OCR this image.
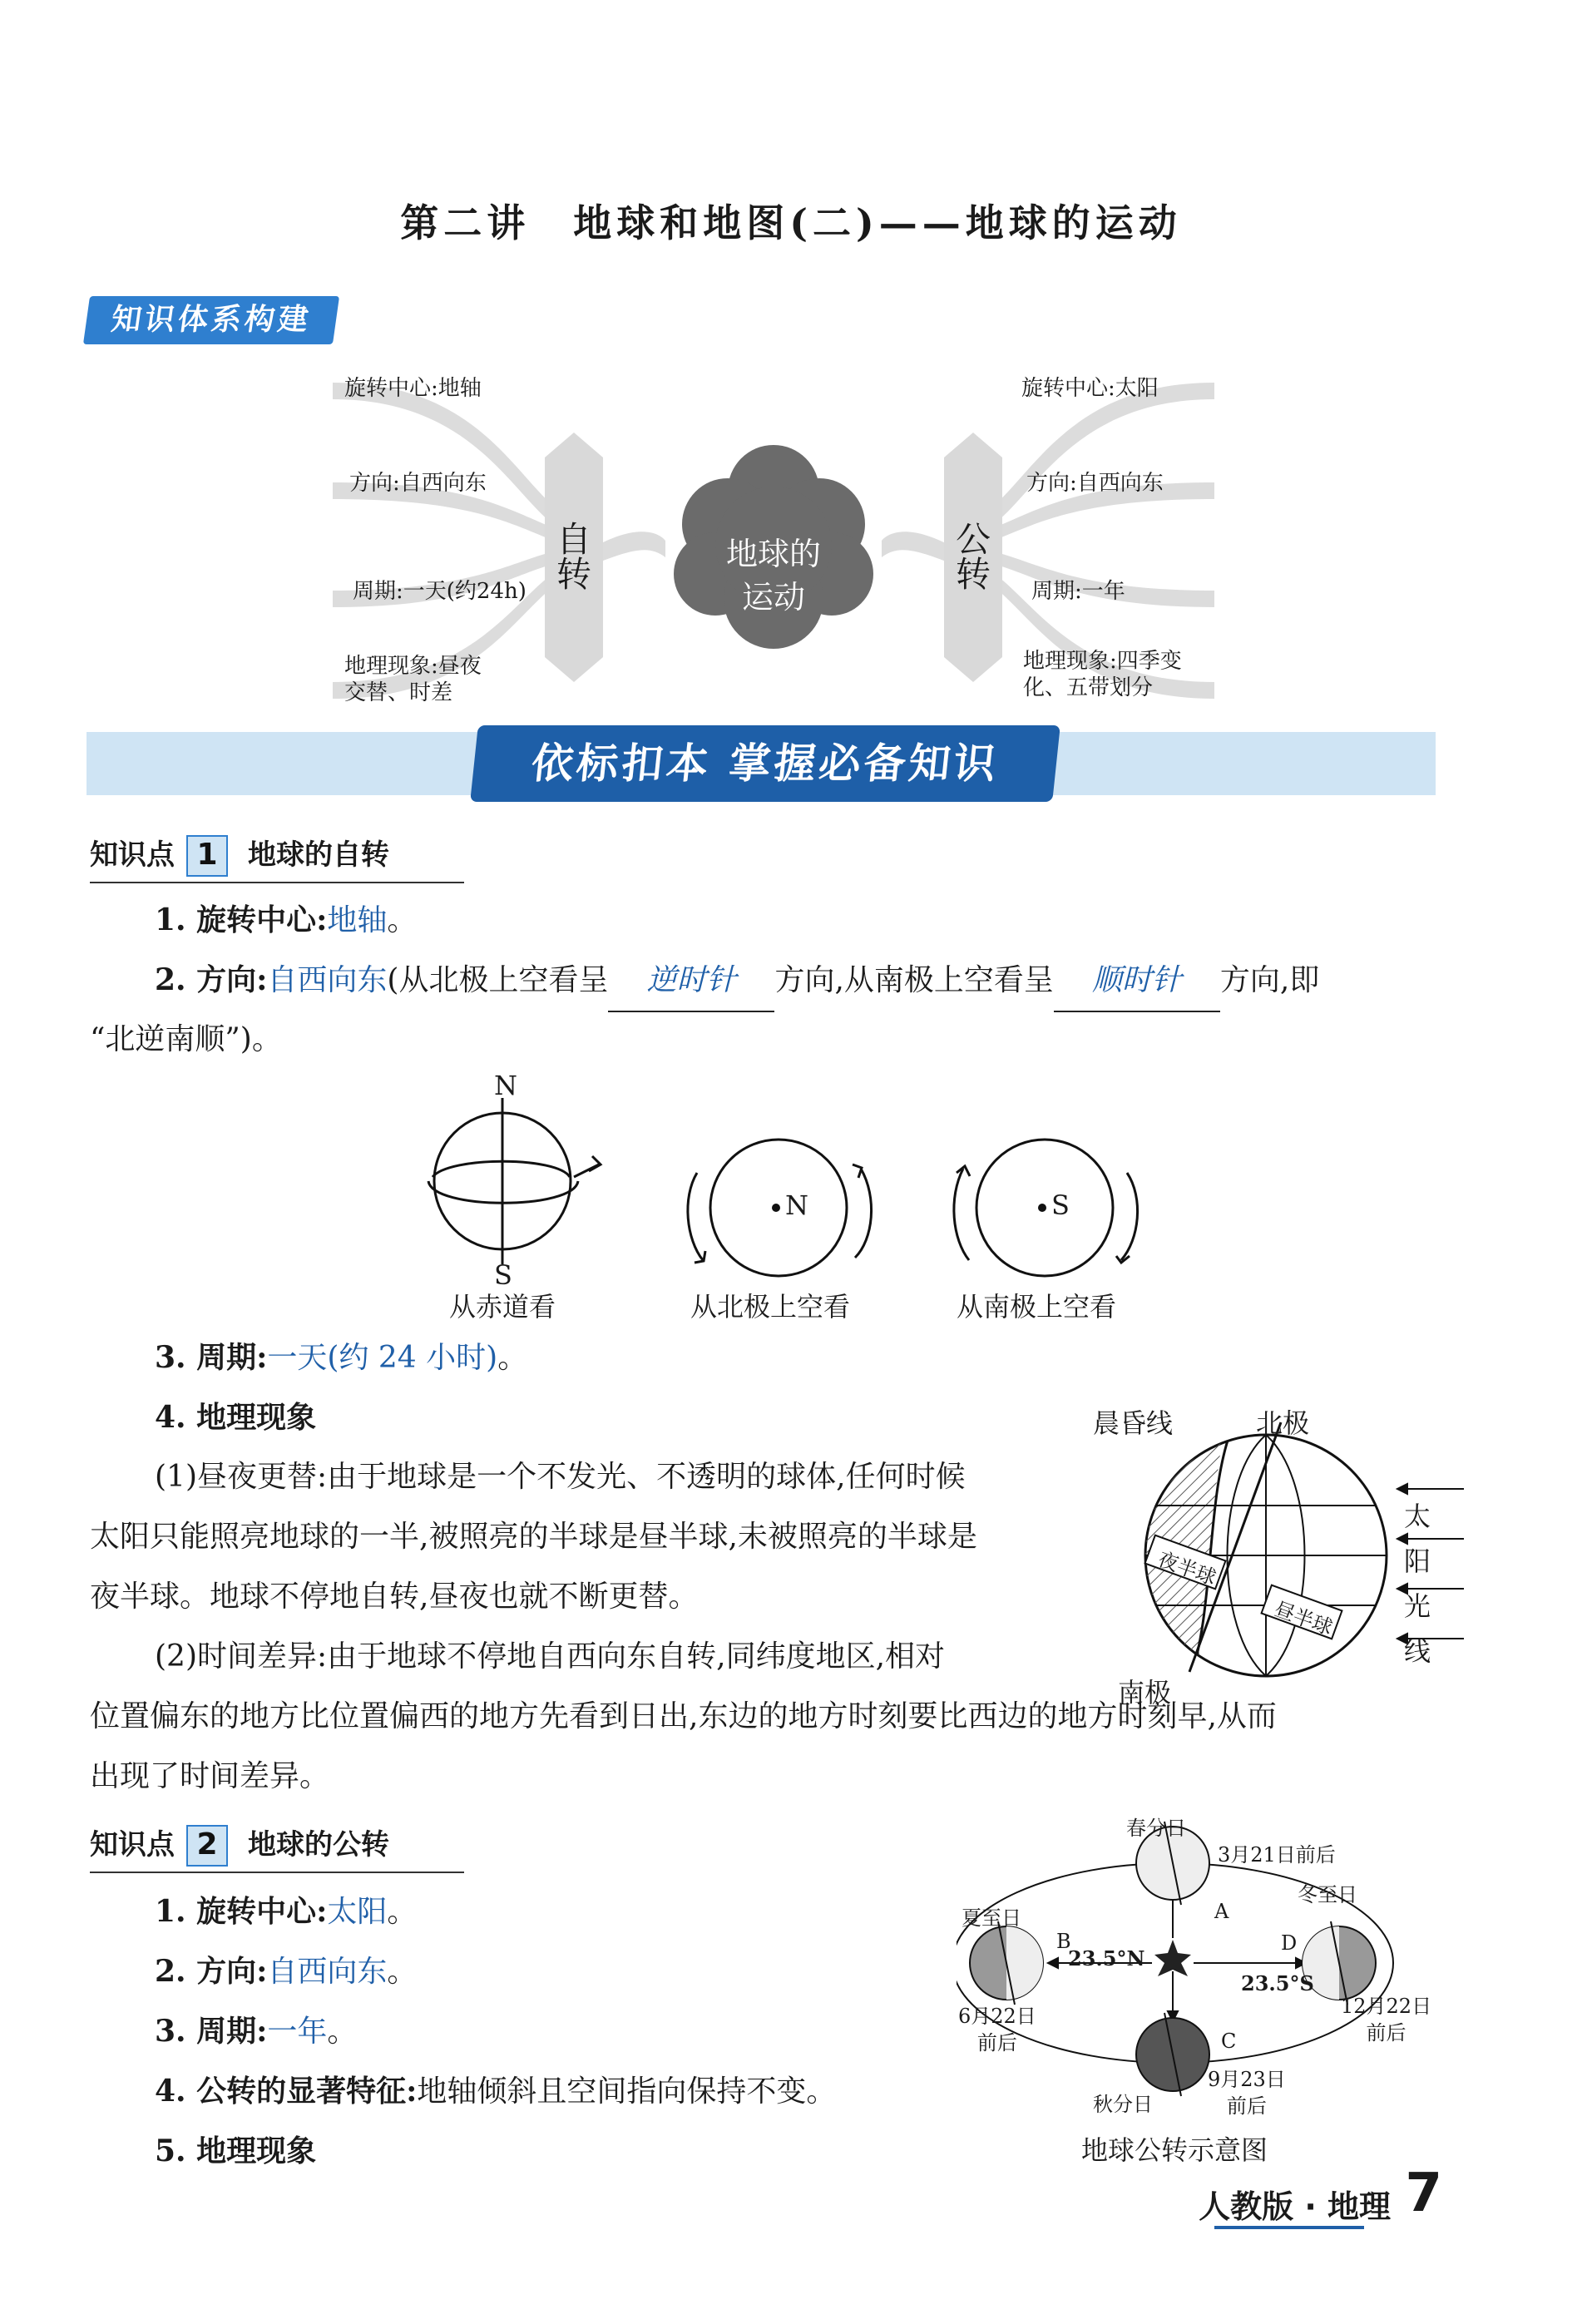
第二讲　地球和地图(二)——地球的运动
知识体系构建
地球的
运动
自转	公转
旋转中心:地轴
方向:自西向东
周期:一天(约24h)
地理现象:昼夜
交替、时差
旋转中心:太阳
方向:自西向东
周期:一年
地理现象:四季变
化、五带划分
依标扣本 掌握必备知识
知识点 1 地球的自转
1. 旋转中心:地轴。
2. 方向:自西向东(从北极上空看呈 逆时针 方向,从南极上空看呈 顺时针 方向,即
“北逆南顺”)。
N
S
N	S
从赤道看	从北极上空看	从南极上空看
3. 周期:一天(约 24 小时)。
4. 地理现象
(1)昼夜更替:由于地球是一个不发光、不透明的球体,任何时候
太阳只能照亮地球的一半,被照亮的半球是昼半球,未被照亮的半球是
夜半球。地球不停地自转,昼夜也就不断更替。
(2)时间差异:由于地球不停地自西向东自转,同纬度地区,相对
位置偏东的地方比位置偏西的地方先看到日出,东边的地方时刻要比西边的地方时刻早,从而
出现了时间差异。
晨昏线	北极
南极
夜半球
昼半球
太
阳
光
线
知识点 2 地球的公转
1. 旋转中心:太阳。
2. 方向:自西向东。
3. 周期:一年。
4. 公转的显著特征:地轴倾斜且空间指向保持不变。
5. 地理现象
春分日
3月21日前后
夏至日
冬至日
A
B	D
C
23.5°N
23.5°S
6月22日
前后
12月22日
前后
9月23日
前后
秋分日
地球公转示意图
人教版 · 地理 7
